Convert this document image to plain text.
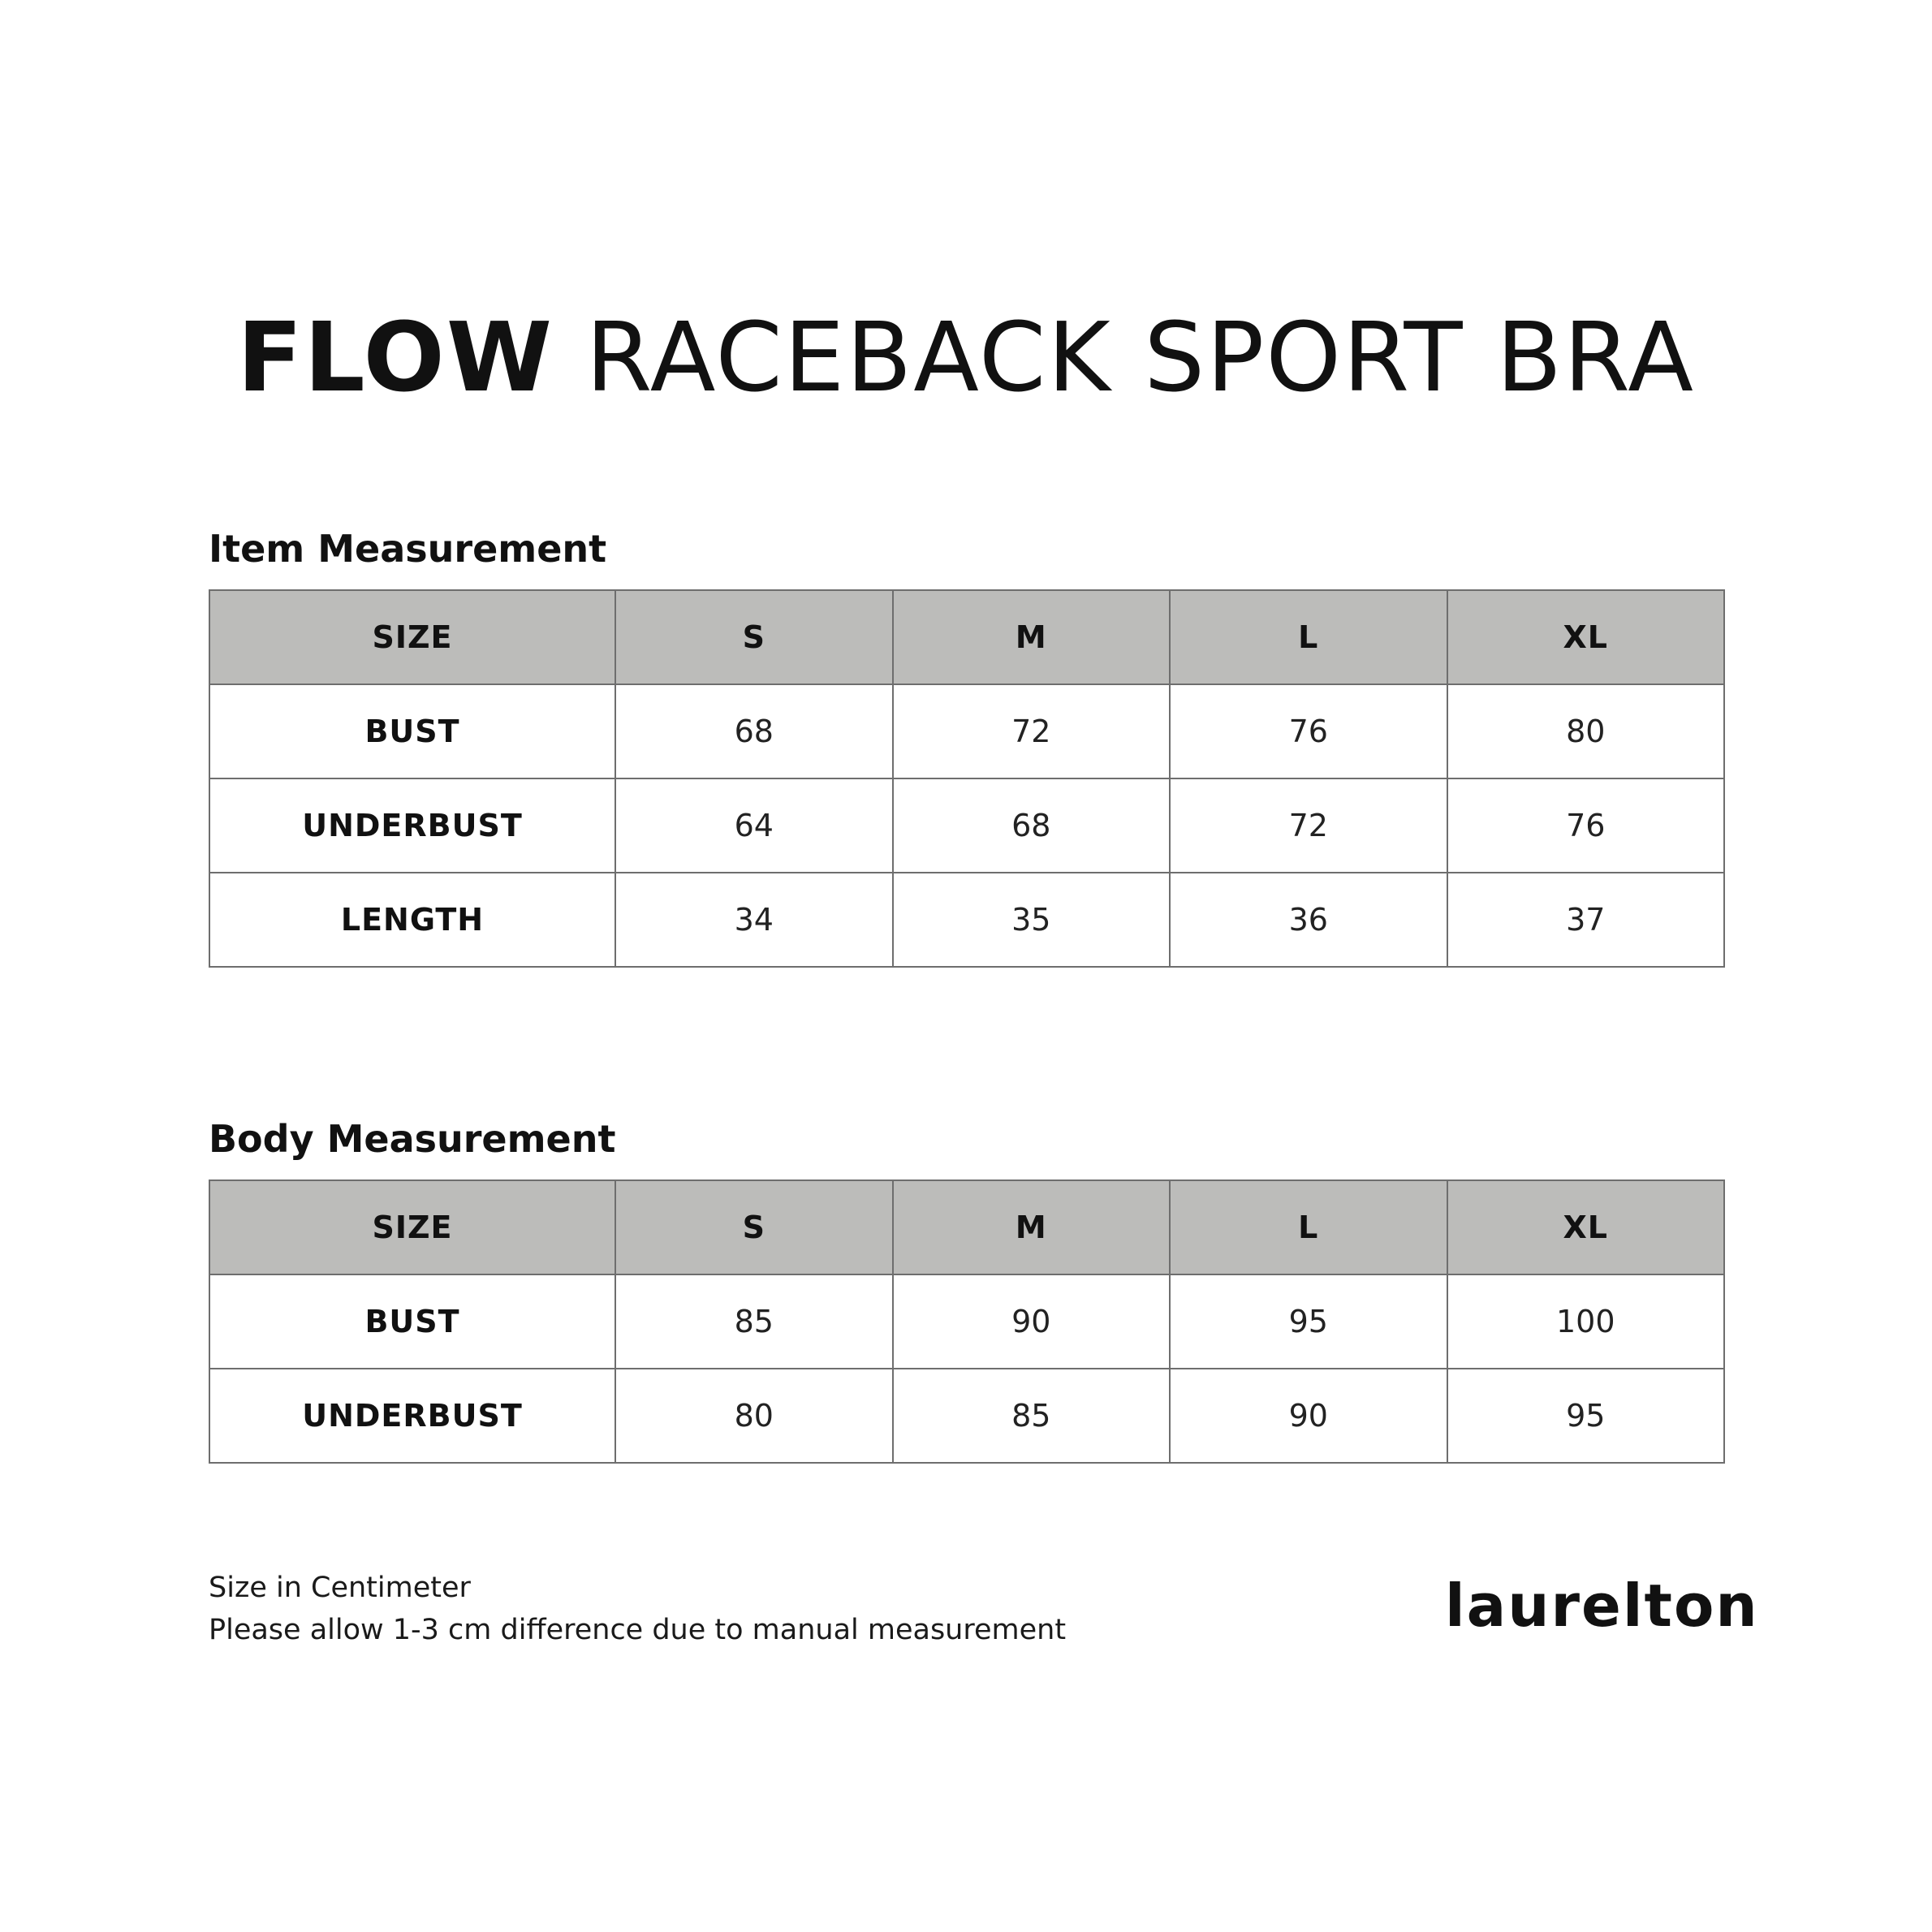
FLOW RACEBACK SPORT BRA
Item Measurement
SIZE	S	M	L	XL
BUST	68	72	76	80
UNDERBUST	64	68	72	76
LENGTH	34	35	36	37
Body Measurement
SIZE	S	M	L	XL
BUST	85	90	95	100
UNDERBUST	80	85	90	95
Size in Centimeter
Please allow 1-3 cm difference due to manual measurement	laurelton
